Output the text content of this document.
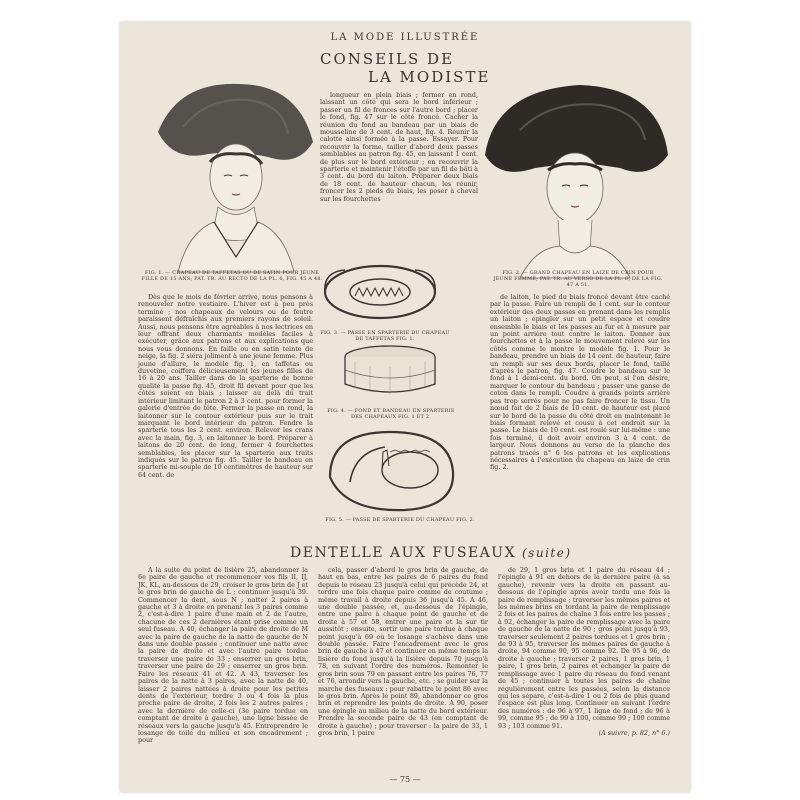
LA MODE ILLUSTRÉE
CONSEILS DE
LA MODISTE
FIG. 1. — CHAPEAU DE TAFFETAS OU DE SATIN POUR JEUNE FILLE DE 15 ANS; PAT. TR. AU RECTO DE LA PL. 6, FIG. 45 A 48.

longueur en plein biais ; fermer en rond, laissant un côté qui sera le bord inférieur ; passer un fil de fronces sur l'autre bord ; placer le fond, fig. 47 sur le côté froncé. Cacher la réunion du fond au bandeau par un biais de mousseline de 3 cent. de haut, fig. 4. Réunir la calotte ainsi formée à la passe. Essayer. Pour recouvrir la forme, tailler d'abord deux passes semblables au patron fig. 45, en laissant 1 cent. de plus sur le bord extérieur ; en recouvrir la sparterie et maintenir l'étoffe par un fil de bâti à 3 cent. du bord du laiton. Préparer deux biais de 18 cent. de hauteur chacun, les réunir, froncer les 2 pieds du biais, les poser à cheval sur les fourchettes

FIG. 2. — GRAND CHAPEAU EN LAIZE DE CRIN POUR JEUNE FEMME; PAT. TR. AU VERSO DE LA PL. 6, DE LA FIG. 47 A 51.
FIG. 3. — PASSE EN SPARTERIE DU CHAPEAU DE TAFFETAS FIG. 1.
FIG. 4. — FOND ET BANDEAU EN SPARTERIE DES CHAPEAUX FIG. 1 ET 2.
FIG. 5. — PASSE DE SPARTERIE DU CHAPEAU FIG. 2.

Dès que le mois de février arrive, nous pensons à renouveler notre vestiaire. L'hiver est à peu près terminé ; nos chapeaux de velours ou de feutre paraissent défraîchis aux premiers rayons de soleil. Aussi, nous pensons être agréables à nos lectrices en leur offrant deux charmants modèles faciles à exécuter, grâce aux patrons et aux explications que nous vous donnons. En faille ou en satin teinte de neige, la fig. 2 siéra joliment à une jeune femme. Plus jeune d'allure, le modèle fig. 1, en taffetas ou duvetine, coiffera délicieusement les jeunes filles de 16 à 20 ans. Tailler dans de la sparterie de bonne qualité la passe fig. 45, droit fil devant pour que les côtés soient en biais ; laisser au delà du trait intérieur limitant le patron 2 à 3 cent. pour former la galerie d'entrée de tête. Fermer la passe en rond, la laitonner sur le contour extérieur puis sur le trait marquant le bord intérieur du patron. Fendre la sparterie tous les 2 cent. environ. Relever les crans avec la main, fig. 3, en laitonner le bord. Préparer à laitons de 20 cent. de long, fermer 4 fourchettes semblables, les placer sur la sparterie aux traits indiqués sur le patron fig. 45. Tailler le bandeau en sparterie mi-souple de 10 centimètres de hauteur sur 64 cent. de

de laiton, le pied du biais froncé devant être caché par la passe. Faire un rempli de 1 cent. sur le contour extérieur des deux passes en prenant dans les remplis un laiton ; épingler sur un petit espace et coudre ensemble le biais et les passes au fur et à mesure par un point arrière tout contre le laiton. Donner aux fourchettes et à la passe le mouvement relevé sur les côtés comme le montre le modèle fig. 1. Pour le bandeau, prendre un biais de 14 cent. de hauteur, faire un rempli sur ses deux bords, placer le fond, taillé d'après le patron, fig. 47. Coudre le bandeau sur le fond à 1 demi-cent. du bord. On peut, si l'on désire, marquer le contour du bandeau ; passer une ganse de coton dans le rempli. Coudre à grands points arrière pas trop serrés pour ne pas faire froncer le tissu. Un nœud fait de 2 biais de 10 cent. de hauteur est placé sur le bord de la passe du côté droit en maintenant le biais formant relevé et cousu à cet endroit sur la passe. Le biais de 10 cent. est roulé sur lui-même : une fois terminé, il doit avoir environ 3 à 4 cent. de largeur. Nous donnons au verso de la planche des patrons tracés n° 6 les patrons et les explications nécessaires à l'exécution du chapeau en laize de crin fig. 2.

DENTELLE AUX FUSEAUX (suite)

A la suite du point de lisière 25, abandonner la 6e paire de gauche et recommencer vos fils II, IJ, JK, KL, au-dessous de 29, croiser le gros brin de J et le gros brin de gauche de L ; continuer jusqu'à 39. Commencer la dent, sous N ; natter 2 paires à gauche et 3 à droite en prenant les 3 paires comme 2, c'est-à-dire 1 paire d'une main et 2 de l'autre, chacune de ces 2 dernières étant prise comme un seul fuseau. A 40, échanger la paire de droite de M avec la paire de gauche de la natte de gauche de N dans une double passée ; continuer une natte avec la paire de droite et avec l'autre paire tordue traverser une paire de 33 ; enserrer un gros brin, traverser une paire de 29 ; enserrer un gros brin. Faire les réseaux 41 et 42. A 43, traverser les paires de la natte à 3 paires, avec la natte de 40, laisser 2 paires nattées à droite pour les petites dents de l'extérieur, tordre 3 ou 4 fois la plus proche paire de droite, 2 fois les 2 autres paires ; avec la dernière de celle-ci (3e paire tordue en comptant de droite à gauche), une ligne bissée de réseaux vers la gauche jusqu'à 45. Entreprendre le losange de toile du milieu et son encadrement ; pour

cela, passer d'abord le gros brin de gauche, de haut en bas, entre les paires de 6 paires du fond depuis le réseau 23 jusqu'à celui qui précède 24, et tordre une fois chaque paire comme de coutume ; même travail à droite depuis 36 jusqu'à 45. A 46, une double passée, et, au-dessous de l'épingle, entre une paire à chaque point de gauche et de droite à 57 et 58, entrer une paire et la sur tir aussitôt ; ensuite, sortir une paire tordue à chaque point jusqu'à 69 où le losange s'achève dans une double passée. Faire l'encadrement avec le gros brin de gauche à 47 et continuer en même temps la lisière du fond jusqu'à la lisière depuis 70 jusqu'à 78, en suivant l'ordre des numéros. Remonter le gros brin sous 79 en passant entre les paires 76, 77 et 76, arrondir vers la gauche, etc. ; se guider sur la marche des fuseaux : pour rabattre le point 86 avec le gros brin. Après le point 89, abandonner ce gros brin et reprendre les points de droite. A 90, poser une épingle au milieu de la natte du bord extérieur. Prendre la seconde paire de 43 (en comptant de droite à gauche) ; pour traverser : la paire de 33, 1 gros brin, 1 paire

de 29, 1 gros brin et 1 paire du réseau 44 ; l'épingle à 91 en dehors de la dernière paire (à sa gauche), revenir vers la droite en passant au-dessous de l'épingle après avoir tordu une fois la paire de remplissage ; traverser les mêmes paires et les mêmes brins en tordant la paire de remplissage 2 fois et les paires de chaîne 3 fois entre les passes ; à 92, échanger la paire de remplissage avec la paire de gauche de la natte de 90 ; gros point jusqu'à 93, traverser seulement 2 paires tordues et 1 gros brin ; de 93 à 95, traverser les mêmes paires de gauche à droite, 94 comme 90, 95 comme 92. De 95 à 96, de droite à gauche ; traverser 2 paires, 1 gros brin, 1 paire, 1 gros brin, 2 paires et échanger la paire de remplissage avec 1 paire du réseau du fond venant de 45 ; continuer à toutes les paires de chaîne régulièrement entre les passées, selon la distance qui les sépare, c'est-à-dire 1 ou 2 fois de plus quand l'espace est plus long. Continuer en suivant l'ordre des numéros : de 96 à 97, 1 ligne de fond ; de 96 à 99, comme 95 ; de 99 à 100, comme 99 ; 100 comme 93 ; 103 comme 91.

(A suivre, p. 82, n° 6.)
— 75 —
